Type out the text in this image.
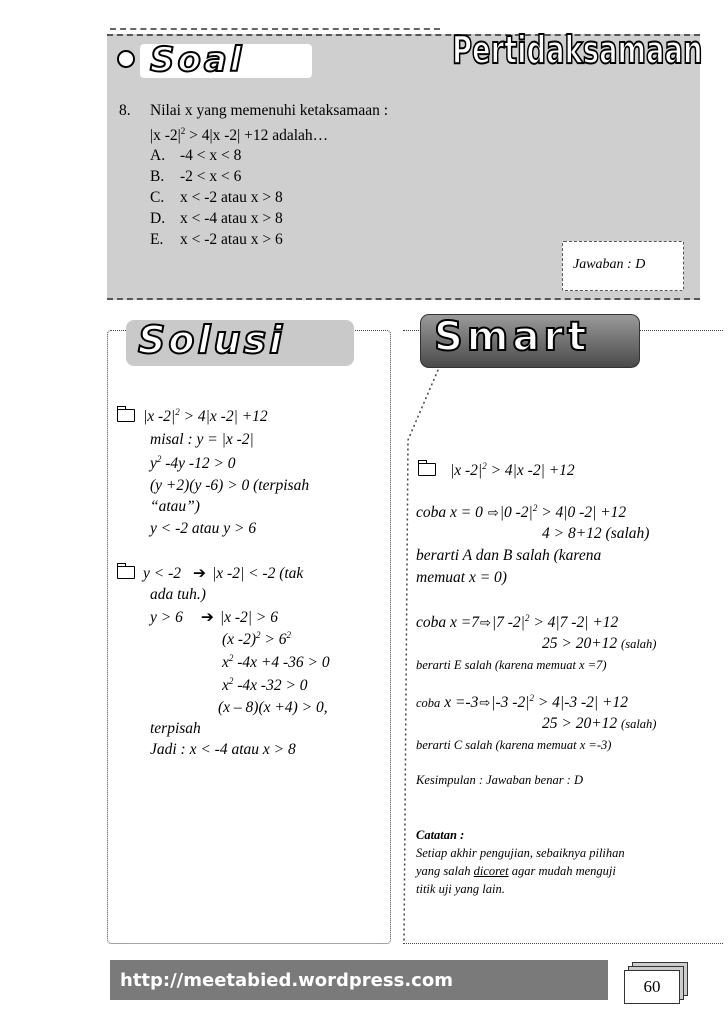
Soal	Pertidaksamaan
8. Nilai x yang memenuhi ketaksamaan :
|x $-2|^2 > 4|x$ -2| +12 adalah…
A. -4 < x < 8
B. -2 < x < 6
C. x < -2 atau x > 8
D. x < -4 atau x > 8
E. x < -2 atau x > 6
Jawaban : D
Solusi	Smart
|x $-2|^2 > 4|x$ -2| +12
misal : y = |x -2|
$y^2$ -4y -12 > 0
(y +2)(y -6) > 0 (terpisah
“atau”)
y < -2 atau y > 6
y < -2 ➔ |x -2| < -2 (tak
ada tuh.)
y > 6 ➔ |x -2| > 6
(x $-2)^2 > 6^2$
$x^2$ -4x +4 -36 > 0
$x^2$ -4x -32 > 0
(x – 8)(x +4) > 0,
terpisah
Jadi : x < -4 atau x > 8
|x $-2|^2 > 4|x$ -2| +12
coba x = 0 ⇨|0 $-2|^2 > 4|0$ -2| +12
4 > 8+12 (salah)
berarti A dan B salah (karena
memuat x = 0)
coba x =7⇨|7 $-2|^2 > 4|7$ -2| +12
25 > 20+12 (salah)
berarti E salah (karena memuat x =7)
coba x =-3⇨|-3 $-2|^2 > 4|-3$ -2| +12
25 > 20+12 (salah)
berarti C salah (karena memuat x =-3)
Kesimpulan : Jawaban benar : D
Catatan :
Setiap akhir pengujian, sebaiknya pilihan
yang salah dicoret agar mudah menguji
titik uji yang lain.
http://meetabied.wordpress.com	60
